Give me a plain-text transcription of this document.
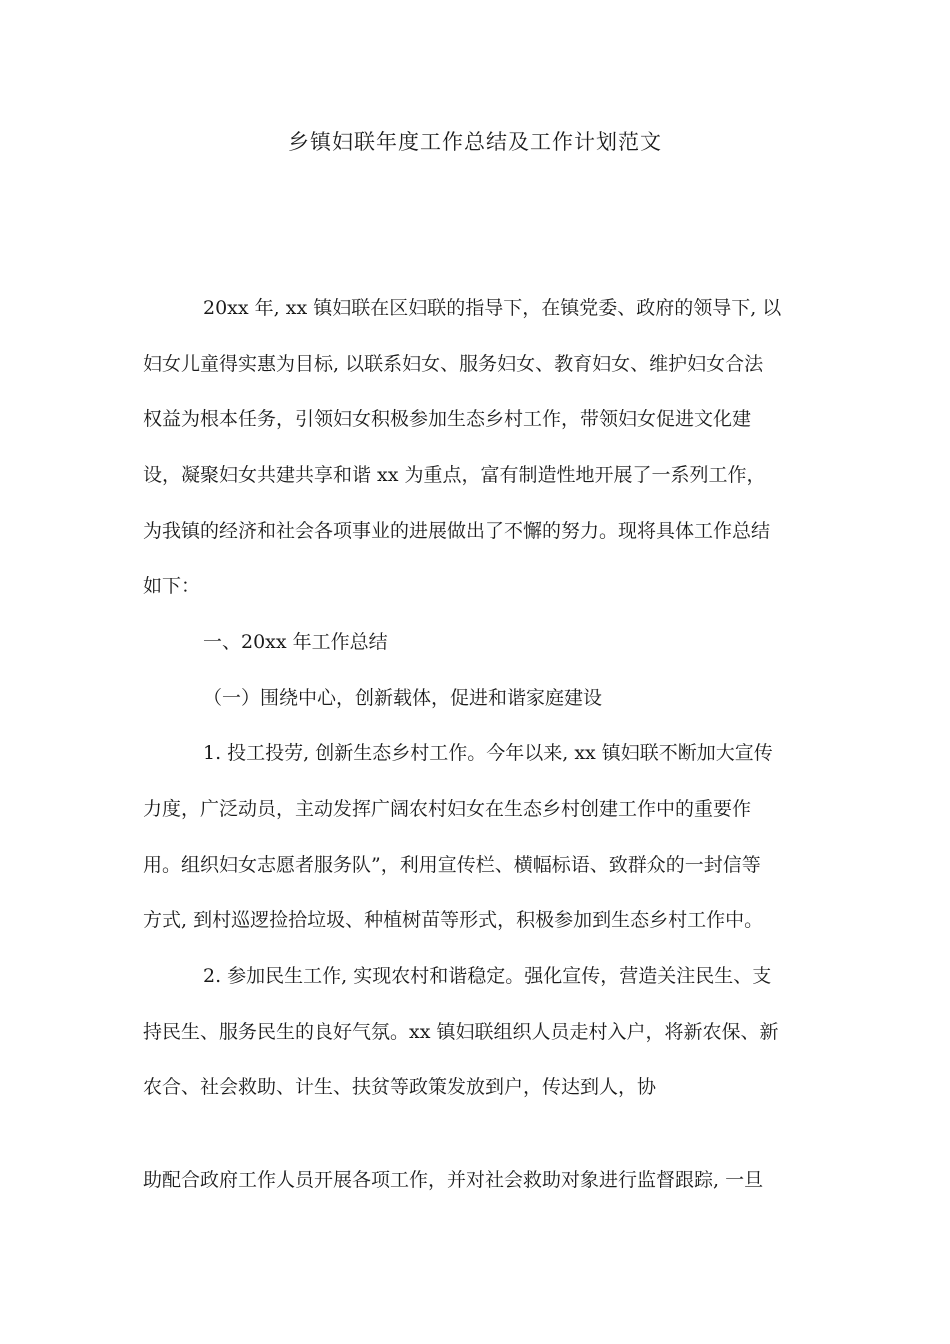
乡镇妇联年度工作总结及工作计划范文
20xx 年, xx 镇妇联在区妇联的指导下，在镇党委、政府的领导下, 以
妇女儿童得实惠为目标, 以联系妇女、服务妇女、教育妇女、维护妇女合法
权益为根本任务，引领妇女积极参加生态乡村工作，带领妇女促进文化建
设，凝聚妇女共建共享和谐 xx 为重点，富有制造性地开展了一系列工作，
为我镇的经济和社会各项事业的进展做出了不懈的努力。现将具体工作总结
如下：
一、20xx 年工作总结
（一）围绕中心，创新载体，促进和谐家庭建设
1. 投工投劳, 创新生态乡村工作。今年以来, xx 镇妇联不断加大宣传
力度，广泛动员，主动发挥广阔农村妇女在生态乡村创建工作中的重要作
用。组织妇女志愿者服务队”，利用宣传栏、横幅标语、致群众的一封信等
方式, 到村巡逻捡拾垃圾、种植树苗等形式，积极参加到生态乡村工作中。
2. 参加民生工作, 实现农村和谐稳定。强化宣传，营造关注民生、支
持民生、服务民生的良好气氛。xx 镇妇联组织人员走村入户，将新农保、新
农合、社会救助、计生、扶贫等政策发放到户，传达到人，协
助配合政府工作人员开展各项工作，并对社会救助对象进行监督跟踪, 一旦
